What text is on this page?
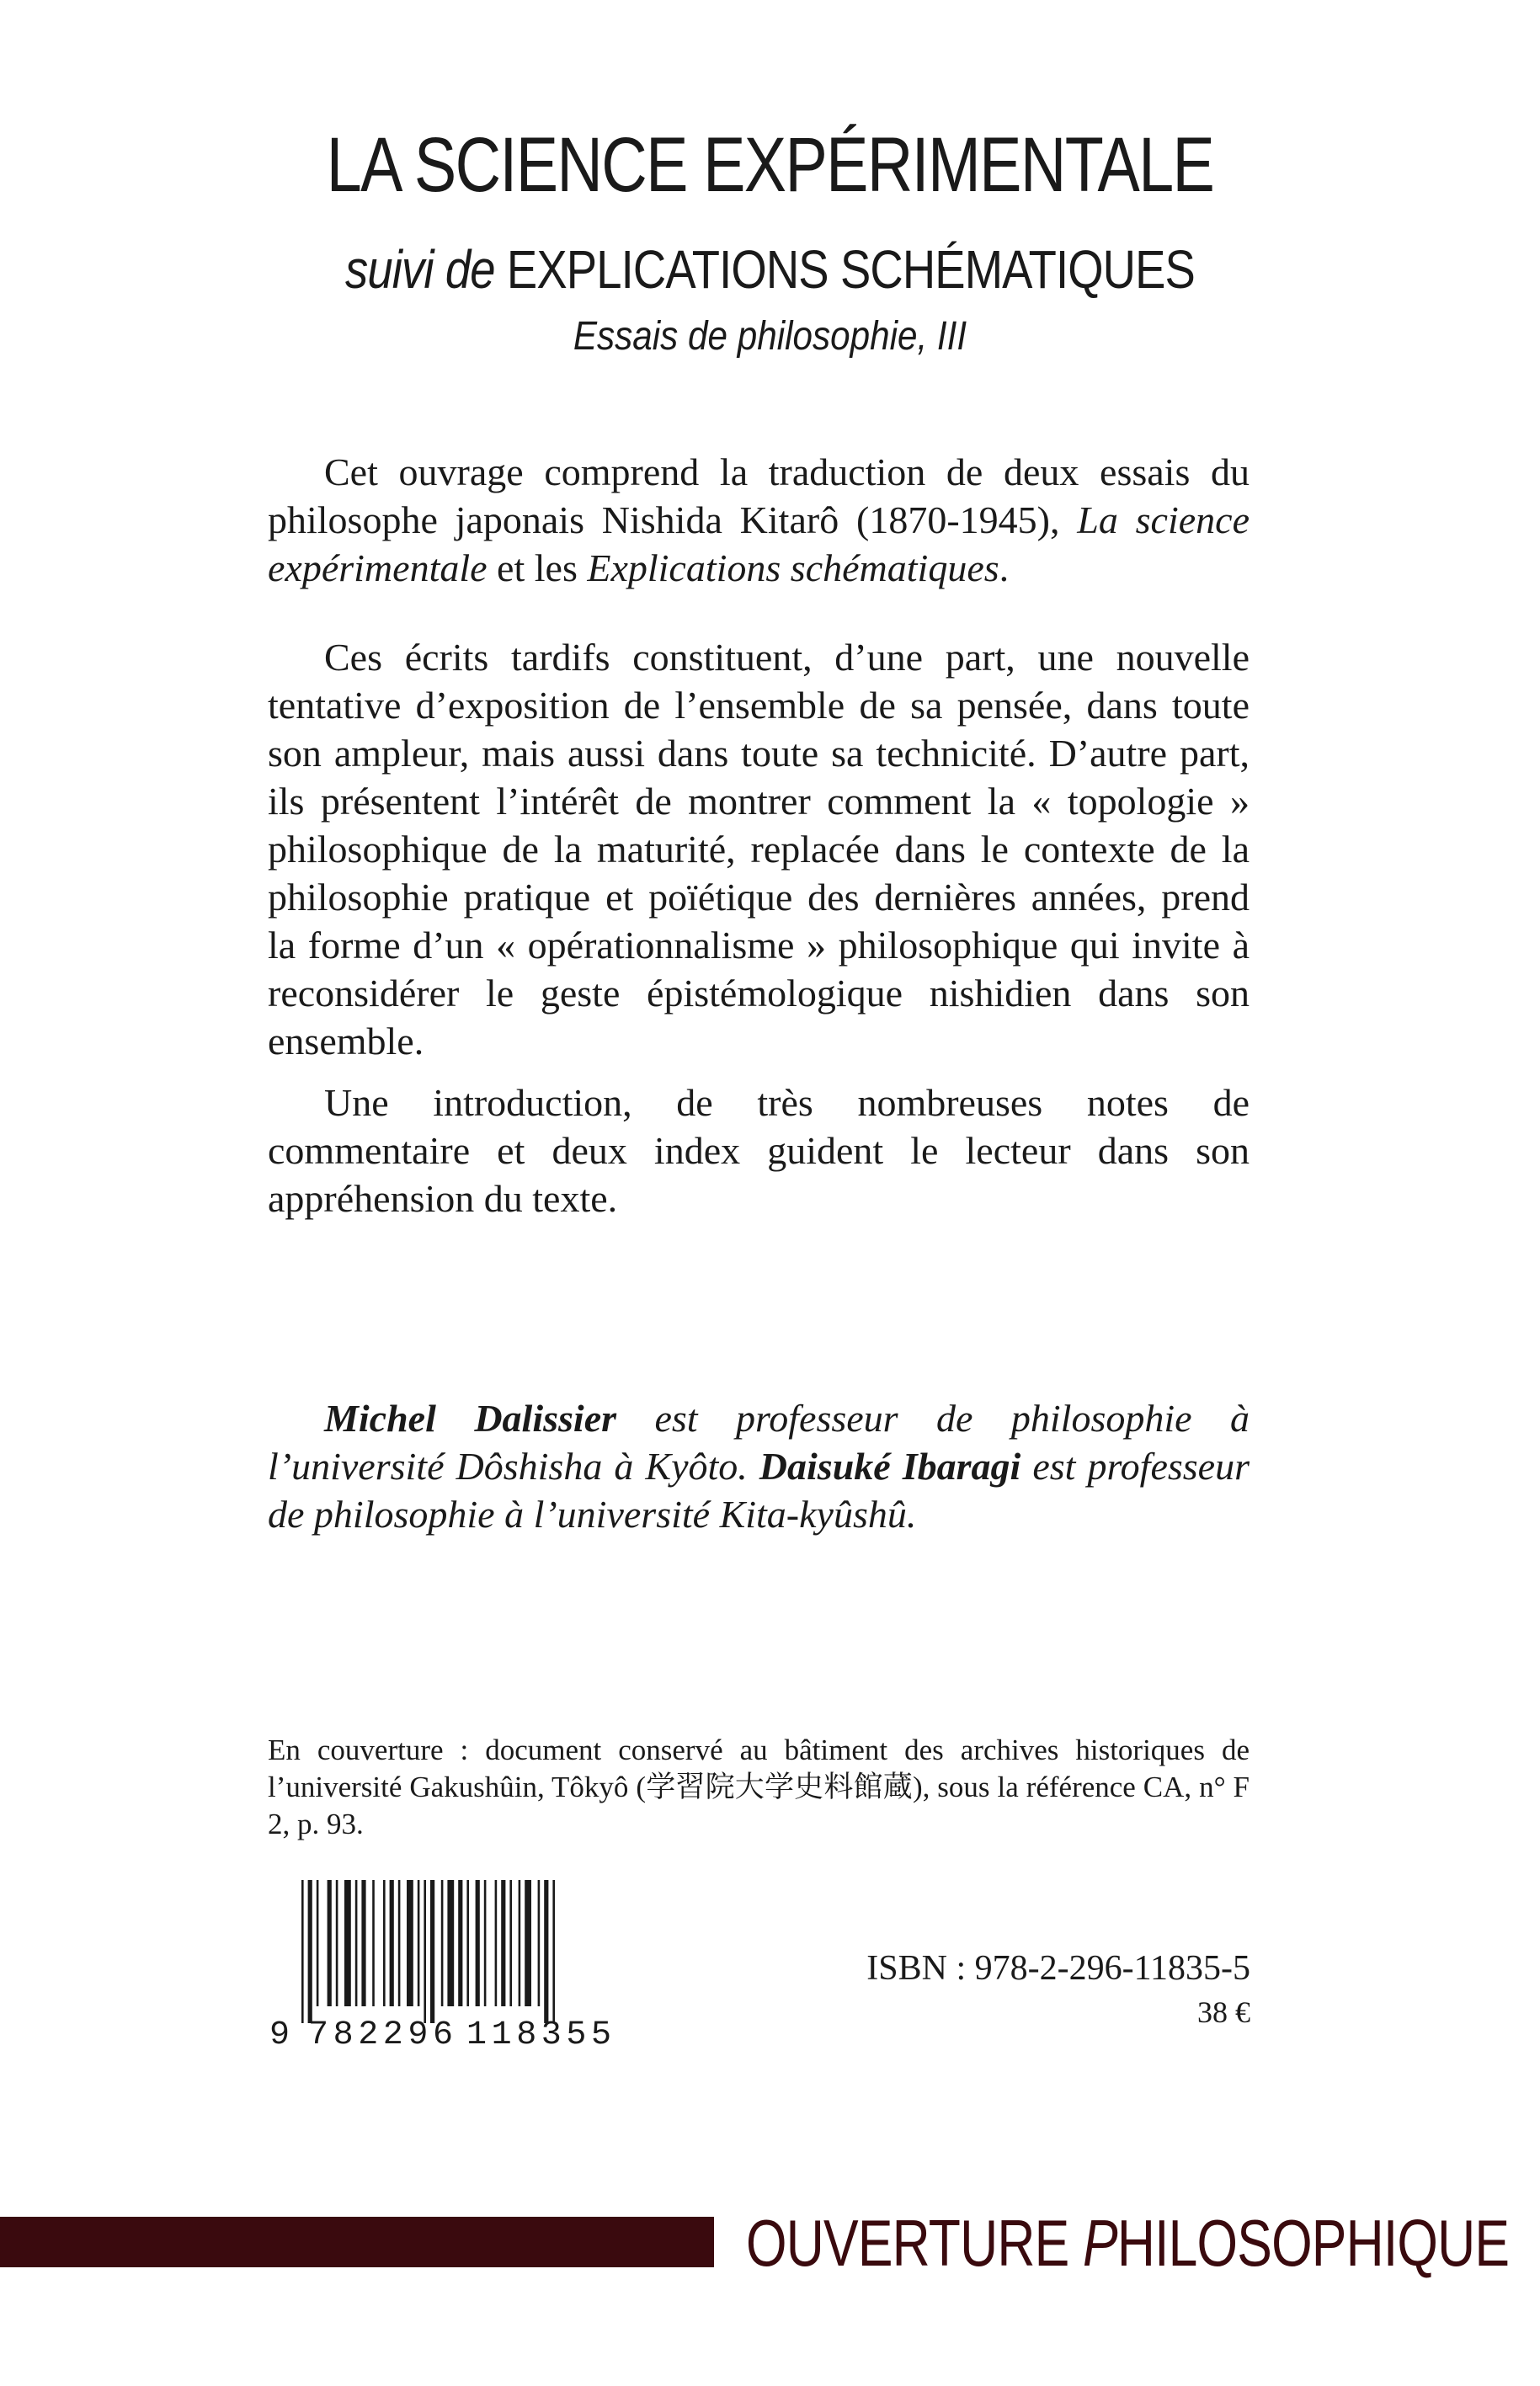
LA SCIENCE EXPÉRIMENTALE
suivi de EXPLICATIONS SCHÉMATIQUES
Essais de philosophie, III

Cet ouvrage comprend la traduction de deux essais du philosophe japonais Nishida Kitarô (1870-1945), La science expérimentale et les Explications schématiques.

Ces écrits tardifs constituent, d’une part, une nouvelle tentative d’exposition de l’ensemble de sa pensée, dans toute son ampleur, mais aussi dans toute sa technicité. D’autre part, ils présentent l’intérêt de montrer comment la « topologie » philosophique de la maturité, replacée dans le contexte de la philosophie pratique et poïétique des dernières années, prend la forme d’un « opérationnalisme » philosophique qui invite à reconsidérer le geste épistémologique nishidien dans son ensemble.

Une introduction, de très nombreuses notes de commentaire et deux index guident le lecteur dans son appréhension du texte.

Michel Dalissier est professeur de philosophie à l’université Dôshisha à Kyôto. Daisuké Ibaragi est professeur de philosophie à l’université Kita-kyûshû.

En couverture : document conservé au bâtiment des archives historiques de l’université Gakushûin, Tôkyô (学習院大学史料館蔵), sous la référence CA, n° F 2, p. 93.

9 782296 118355
ISBN : 978-2-296-11835-5
38 €
OUVERTURE PHILOSOPHIQUE
